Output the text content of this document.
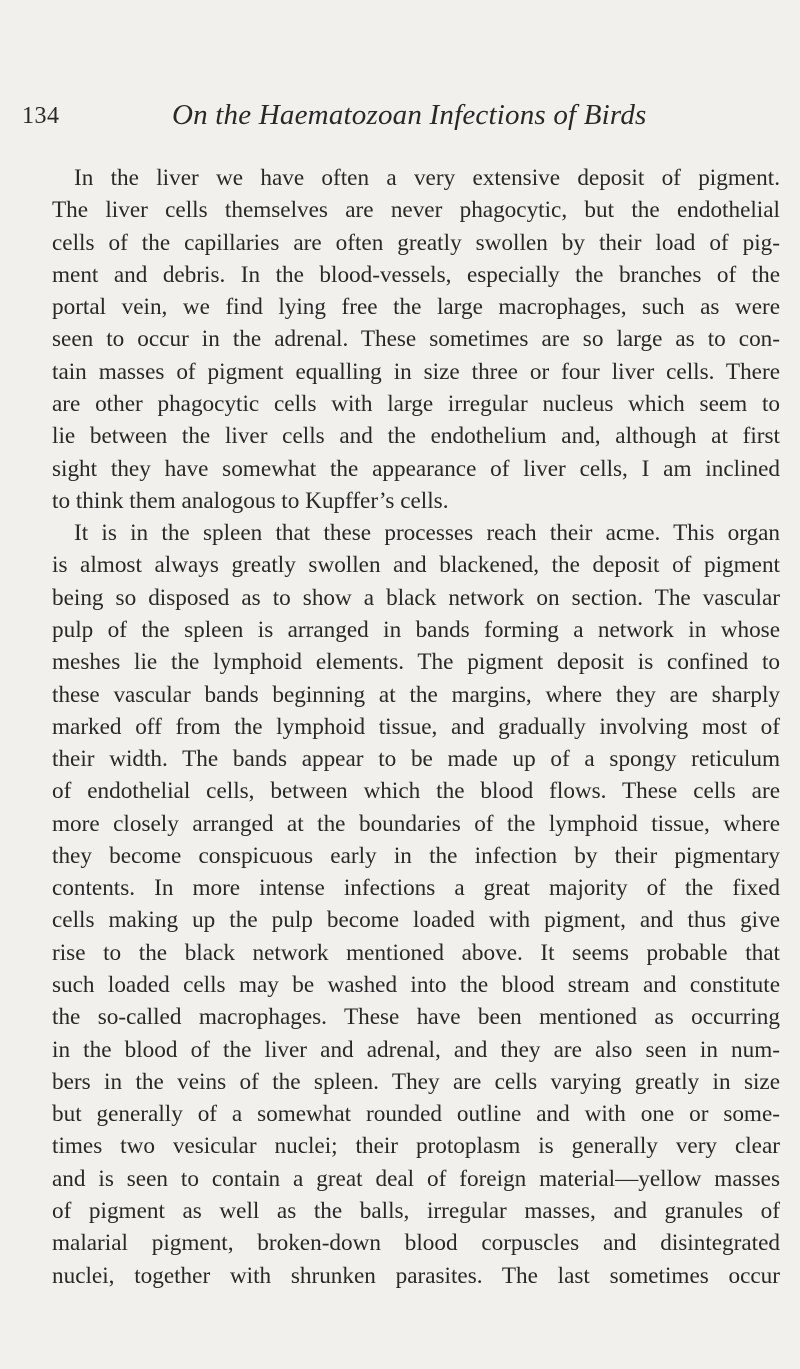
134	On the Haematozoan Infections of Birds
In the liver we have often a very extensive deposit of pigment.
The liver cells themselves are never phagocytic, but the endothelial
cells of the capillaries are often greatly swollen by their load of pig-
ment and debris. In the blood-vessels, especially the branches of the
portal vein, we find lying free the large macrophages, such as were
seen to occur in the adrenal. These sometimes are so large as to con-
tain masses of pigment equalling in size three or four liver cells. There
are other phagocytic cells with large irregular nucleus which seem to
lie between the liver cells and the endothelium and, although at first
sight they have somewhat the appearance of liver cells, I am inclined
to think them analogous to Kupffer’s cells.
It is in the spleen that these processes reach their acme. This organ
is almost always greatly swollen and blackened, the deposit of pigment
being so disposed as to show a black network on section. The vascular
pulp of the spleen is arranged in bands forming a network in whose
meshes lie the lymphoid elements. The pigment deposit is confined to
these vascular bands beginning at the margins, where they are sharply
marked off from the lymphoid tissue, and gradually involving most of
their width. The bands appear to be made up of a spongy reticulum
of endothelial cells, between which the blood flows. These cells are
more closely arranged at the boundaries of the lymphoid tissue, where
they become conspicuous early in the infection by their pigmentary
contents. In more intense infections a great majority of the fixed
cells making up the pulp become loaded with pigment, and thus give
rise to the black network mentioned above. It seems probable that
such loaded cells may be washed into the blood stream and constitute
the so-called macrophages. These have been mentioned as occurring
in the blood of the liver and adrenal, and they are also seen in num-
bers in the veins of the spleen. They are cells varying greatly in size
but generally of a somewhat rounded outline and with one or some-
times two vesicular nuclei; their protoplasm is generally very clear
and is seen to contain a great deal of foreign material—yellow masses
of pigment as well as the balls, irregular masses, and granules of
malarial pigment, broken-down blood corpuscles and disintegrated
nuclei, together with shrunken parasites. The last sometimes occur
